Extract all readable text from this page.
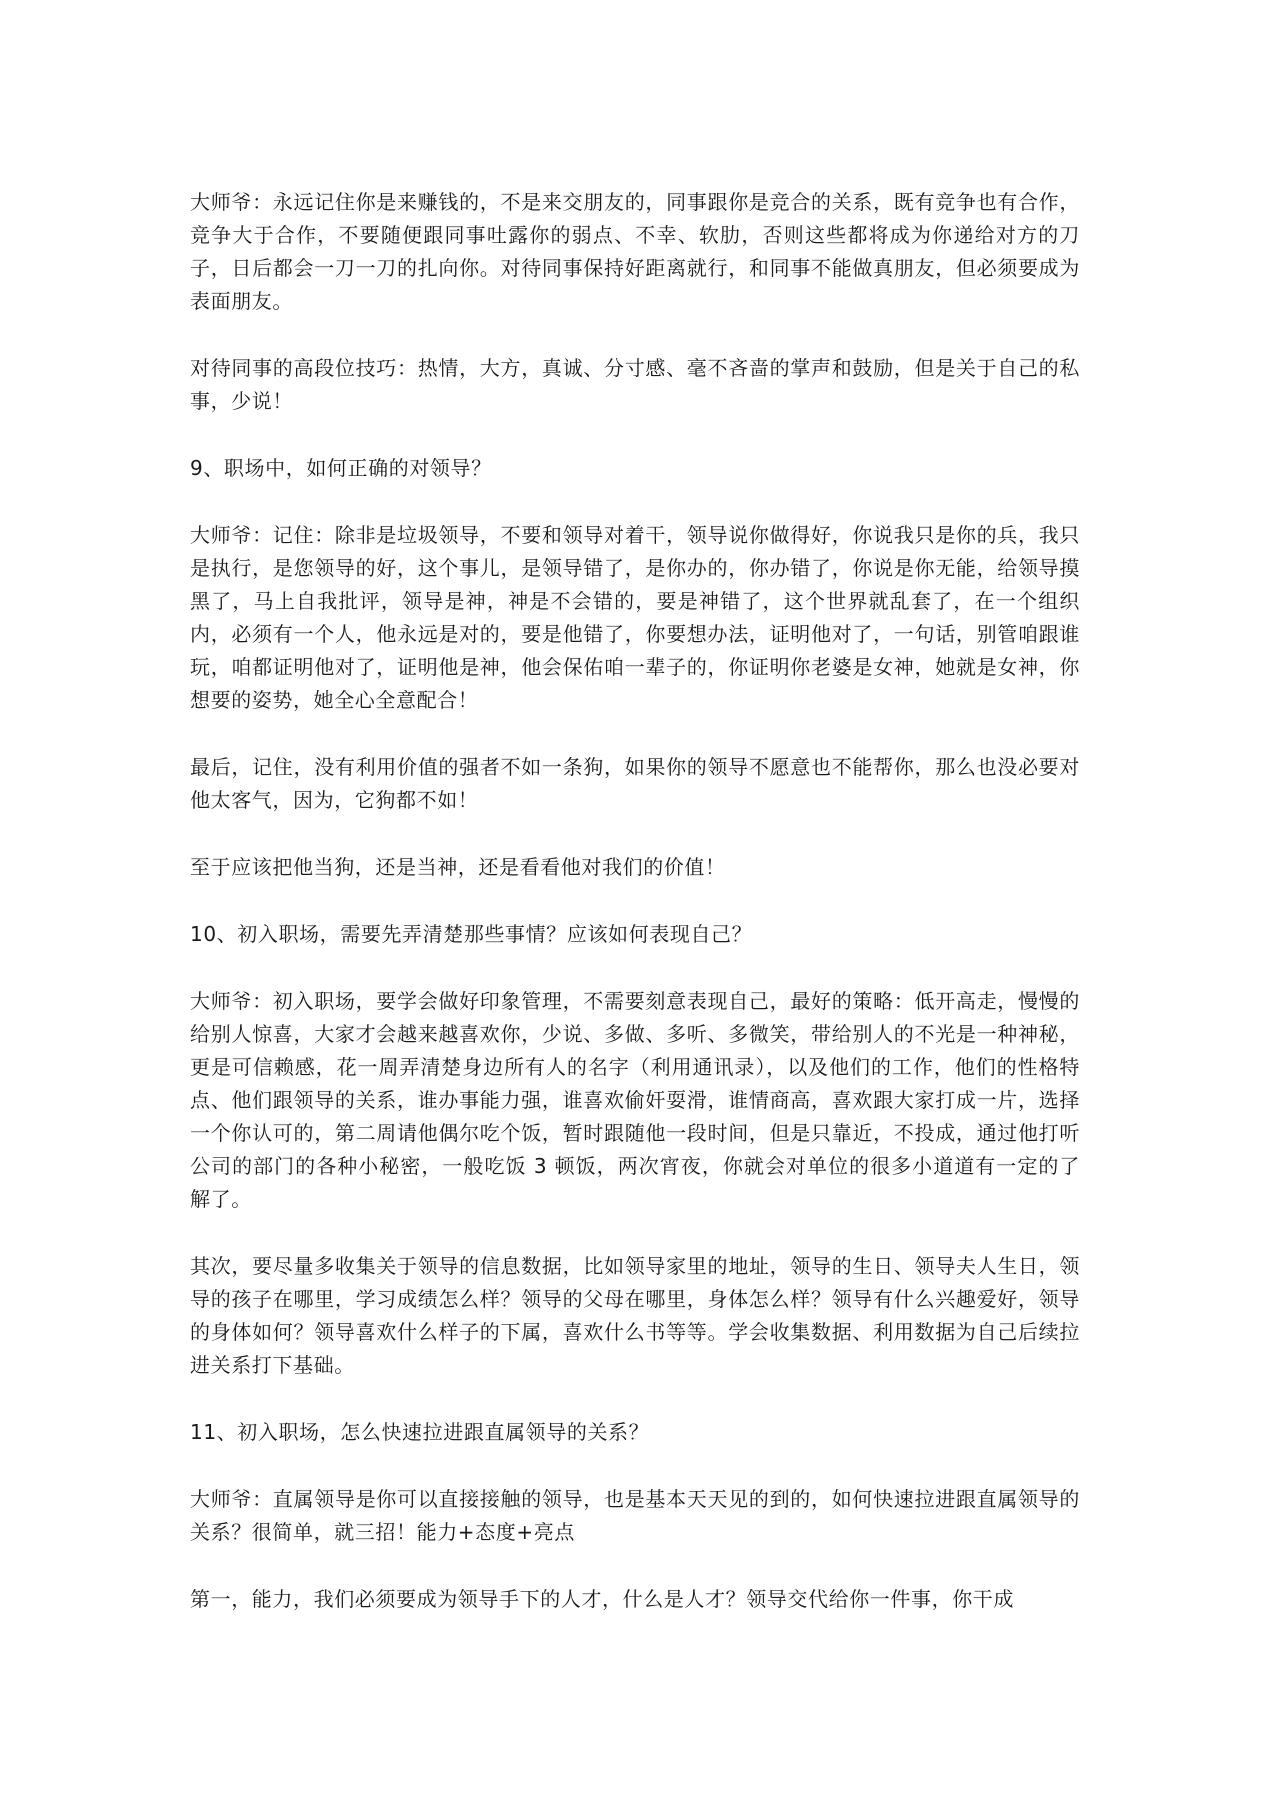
大师爷：永远记住你是来赚钱的，不是来交朋友的，同事跟你是竞合的关系，既有竞争也有合作，竞争大于合作，不要随便跟同事吐露你的弱点、不幸、软肋，否则这些都将成为你递给对方的刀子，日后都会一刀一刀的扎向你。对待同事保持好距离就行，和同事不能做真朋友，但必须要成为表面朋友。

对待同事的高段位技巧：热情，大方，真诚、分寸感、毫不吝啬的掌声和鼓励，但是关于自己的私事，少说！

9、职场中，如何正确的对领导？

大师爷：记住：除非是垃圾领导，不要和领导对着干，领导说你做得好，你说我只是你的兵，我只是执行，是您领导的好，这个事儿，是领导错了，是你办的，你办错了，你说是你无能，给领导摸黑了，马上自我批评，领导是神，神是不会错的，要是神错了，这个世界就乱套了，在一个组织内，必须有一个人，他永远是对的，要是他错了，你要想办法，证明他对了，一句话，别管咱跟谁玩，咱都证明他对了，证明他是神，他会保佑咱一辈子的，你证明你老婆是女神，她就是女神，你想要的姿势，她全心全意配合！

最后，记住，没有利用价值的强者不如一条狗，如果你的领导不愿意也不能帮你，那么也没必要对他太客气，因为，它狗都不如！

至于应该把他当狗，还是当神，还是看看他对我们的价值！

10、初入职场，需要先弄清楚那些事情？应该如何表现自己？

大师爷：初入职场，要学会做好印象管理，不需要刻意表现自己，最好的策略：低开高走，慢慢的给别人惊喜，大家才会越来越喜欢你，少说、多做、多听、多微笑，带给别人的不光是一种神秘，更是可信赖感，花一周弄清楚身边所有人的名字（利用通讯录），以及他们的工作，他们的性格特点、他们跟领导的关系，谁办事能力强，谁喜欢偷奸耍滑，谁情商高，喜欢跟大家打成一片，选择一个你认可的，第二周请他偶尔吃个饭，暂时跟随他一段时间，但是只靠近，不投成，通过他打听公司的部门的各种小秘密，一般吃饭 3 顿饭，两次宵夜，你就会对单位的很多小道道有一定的了解了。

其次，要尽量多收集关于领导的信息数据，比如领导家里的地址，领导的生日、领导夫人生日，领导的孩子在哪里，学习成绩怎么样？领导的父母在哪里，身体怎么样？领导有什么兴趣爱好，领导的身体如何？领导喜欢什么样子的下属，喜欢什么书等等。学会收集数据、利用数据为自己后续拉进关系打下基础。

11、初入职场，怎么快速拉进跟直属领导的关系？

大师爷：直属领导是你可以直接接触的领导，也是基本天天见的到的，如何快速拉进跟直属领导的关系？很简单，就三招！能力+态度+亮点

第一，能力，我们必须要成为领导手下的人才，什么是人才？领导交代给你一件事，你干成
